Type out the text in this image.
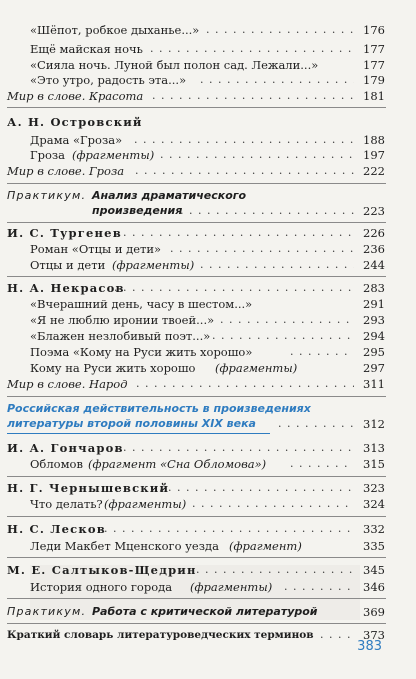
«Шёпот, робкое дыханье...» . . .	176
Ещё майская ночь . . .	177
«Сияла ночь. Луной был полон сад. Лежали...»	177
«Это утро, радость эта...» . . .	179
Мир в слове. Красота . . .	181
А. Н. Островский
Драма «Гроза» . . .	188
Гроза (фрагменты) . . .	197
Мир в слове. Гроза . . .	222
Практикум. Анализ драматического
произведения . . .	223
И. С. Тургенев . . .	226
Роман «Отцы и дети» . . .	236
Отцы и дети (фрагменты) . . .	244
Н. А. Некрасов . . .	283
«Вчерашний день, часу в шестом...»	291
«Я не люблю иронии твоей...» . . .	293
«Блажен незлобивый поэт...» . . .	294
Поэма «Кому на Руси жить хорошо» . . .	295
Кому на Руси жить хорошо (фрагменты)	297
Мир в слове. Народ . . .	311
Российская действительность в произведениях
литературы второй половины XIX века . . .	312
И. А. Гончаров . . .	313
Обломов (фрагмент «Сна Обломова») . . .	315
Н. Г. Чернышевский . . .	323
Что делать? (фрагменты) . . .	324
Н. С. Лесков . . .	332
Леди Макбет Мценского уезда (фрагмент)	335
М. Е. Салтыков-Щедрин . . .	345
История одного города (фрагменты) . . .	346
Практикум. Работа с критической литературой	369
Краткий словарь литературоведческих терминов . . .	373
383
